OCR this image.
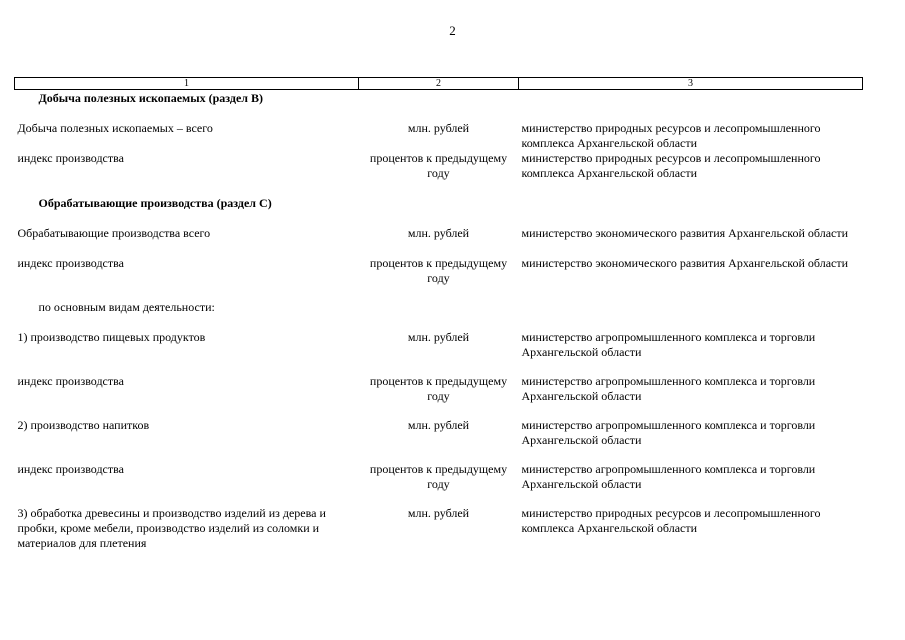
2
1	2	3
Добыча полезных ископаемых (раздел B)		
Добыча полезных ископаемых – всего	млн. рублей	министерство природных ресурсов и лесопромышленного комплекса Архангельской области
индекс производства	процентов к предыдущему году	министерство природных ресурсов и лесопромышленного комплекса Архангельской области
Обрабатывающие производства (раздел C)		
Обрабатывающие производства всего	млн. рублей	министерство экономического развития Архангельской области
индекс производства	процентов к предыдущему году	министерство экономического развития Архангельской области
по основным видам деятельности:		
1) производство пищевых продуктов	млн. рублей	министерство агропромышленного комплекса и торговли Архангельской области
индекс производства	процентов к предыдущему году	министерство агропромышленного комплекса и торговли Архангельской области
2) производство напитков	млн. рублей	министерство агропромышленного комплекса и торговли Архангельской области
индекс производства	процентов к предыдущему году	министерство агропромышленного комплекса и торговли Архангельской области
3) обработка древесины и производство изделий из дерева и пробки, кроме мебели, производство изделий из соломки и материалов для плетения	млн. рублей	министерство природных ресурсов и лесопромышленного комплекса Архангельской области
